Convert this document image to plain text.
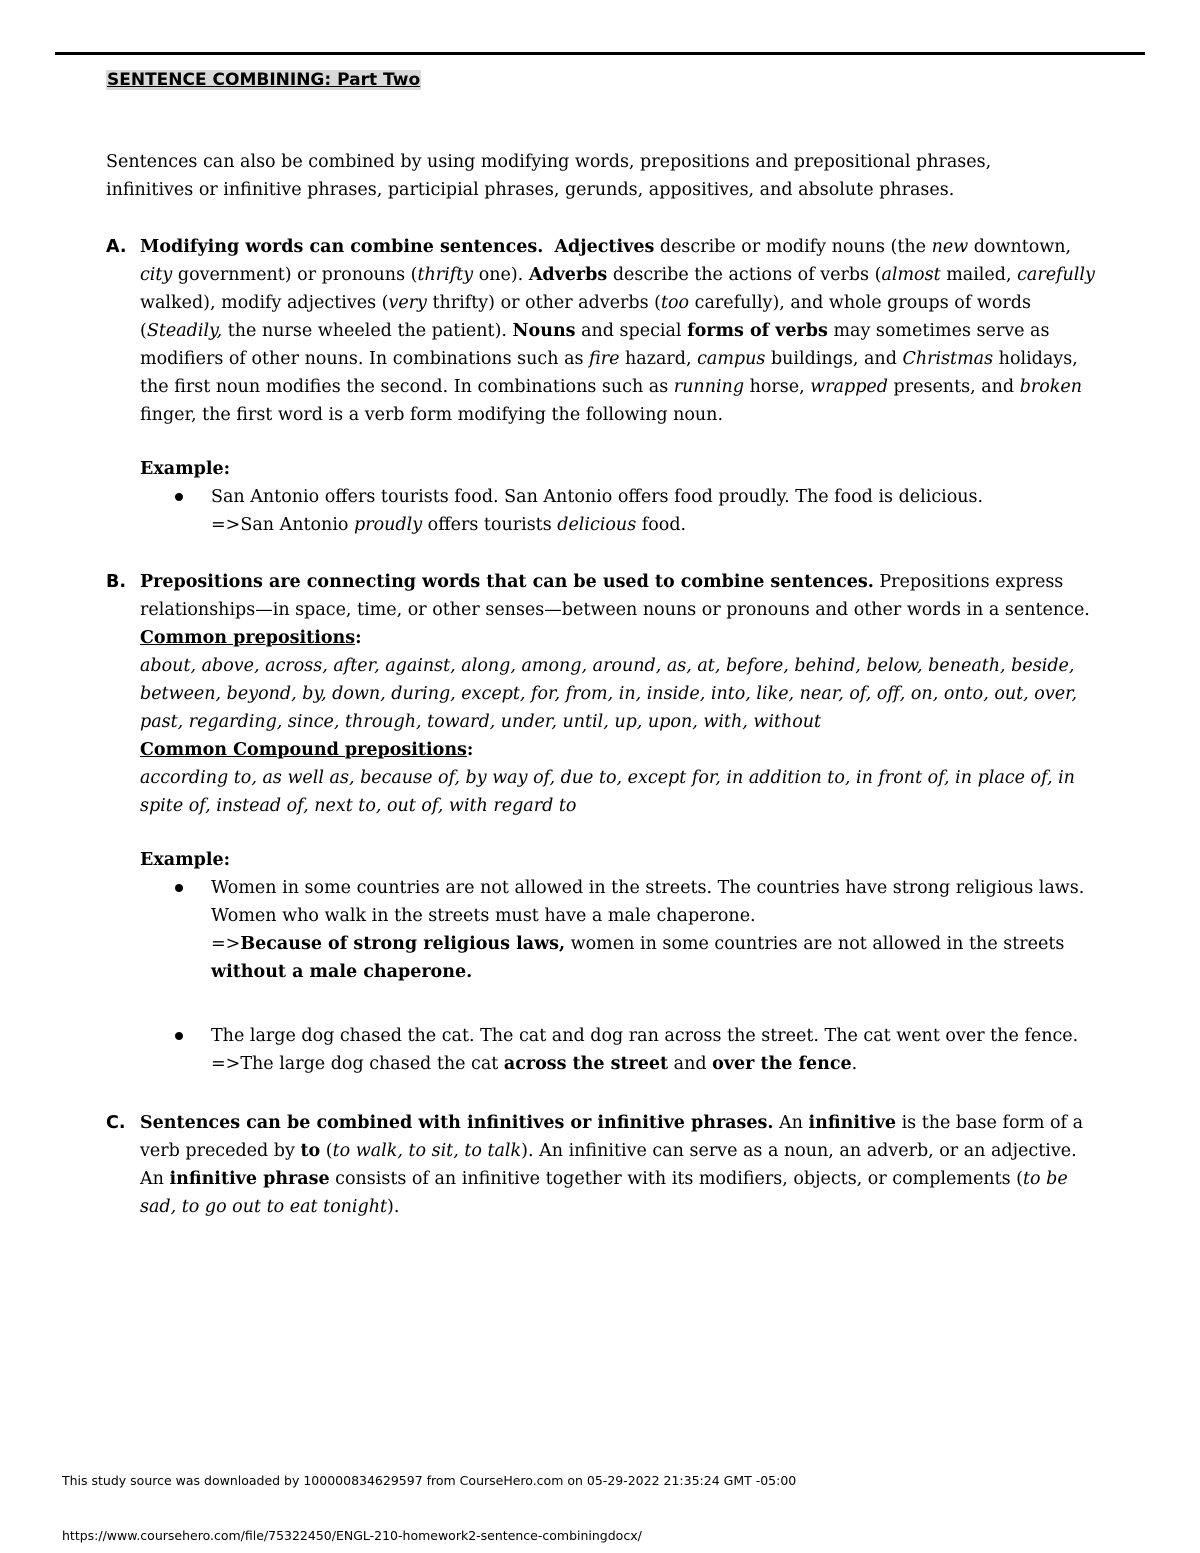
SENTENCE COMBINING: Part Two

Sentences can also be combined by using modifying words, prepositions and prepositional phrases, infinitives or infinitive phrases, participial phrases, gerunds, appositives, and absolute phrases.

A. Modifying words can combine sentences. Adjectives describe or modify nouns (the new downtown, city government) or pronouns (thrifty one). Adverbs describe the actions of verbs (almost mailed, carefully walked), modify adjectives (very thrifty) or other adverbs (too carefully), and whole groups of words (Steadily, the nurse wheeled the patient). Nouns and special forms of verbs may sometimes serve as modifiers of other nouns. In combinations such as fire hazard, campus buildings, and Christmas holidays, the first noun modifies the second. In combinations such as running horse, wrapped presents, and broken finger, the first word is a verb form modifying the following noun.

Example:

San Antonio offers tourists food. San Antonio offers food proudly. The food is delicious.
=>San Antonio proudly offers tourists delicious food.
B. Prepositions are connecting words that can be used to combine sentences. Prepositions express relationships—in space, time, or other senses—between nouns or pronouns and other words in a sentence.

Common prepositions:

about, above, across, after, against, along, among, around, as, at, before, behind, below, beneath, beside, between, beyond, by, down, during, except, for, from, in, inside, into, like, near, of, off, on, onto, out, over, past, regarding, since, through, toward, under, until, up, upon, with, without

Common Compound prepositions:

according to, as well as, because of, by way of, due to, except for, in addition to, in front of, in place of, in spite of, instead of, next to, out of, with regard to

Example:

Women in some countries are not allowed in the streets. The countries have strong religious laws. Women who walk in the streets must have a male chaperone.
=>Because of strong religious laws, women in some countries are not allowed in the streets without a male chaperone.
The large dog chased the cat. The cat and dog ran across the street. The cat went over the fence.
=>The large dog chased the cat across the street and over the fence.
C. Sentences can be combined with infinitives or infinitive phrases. An infinitive is the base form of a verb preceded by to (to walk, to sit, to talk). An infinitive can serve as a noun, an adverb, or an adjective. An infinitive phrase consists of an infinitive together with its modifiers, objects, or complements (to be sad, to go out to eat tonight).

This study source was downloaded by 100000834629597 from CourseHero.com on 05-29-2022 21:35:24 GMT -05:00
https://www.coursehero.com/file/75322450/ENGL-210-homework2-sentence-combiningdocx/
